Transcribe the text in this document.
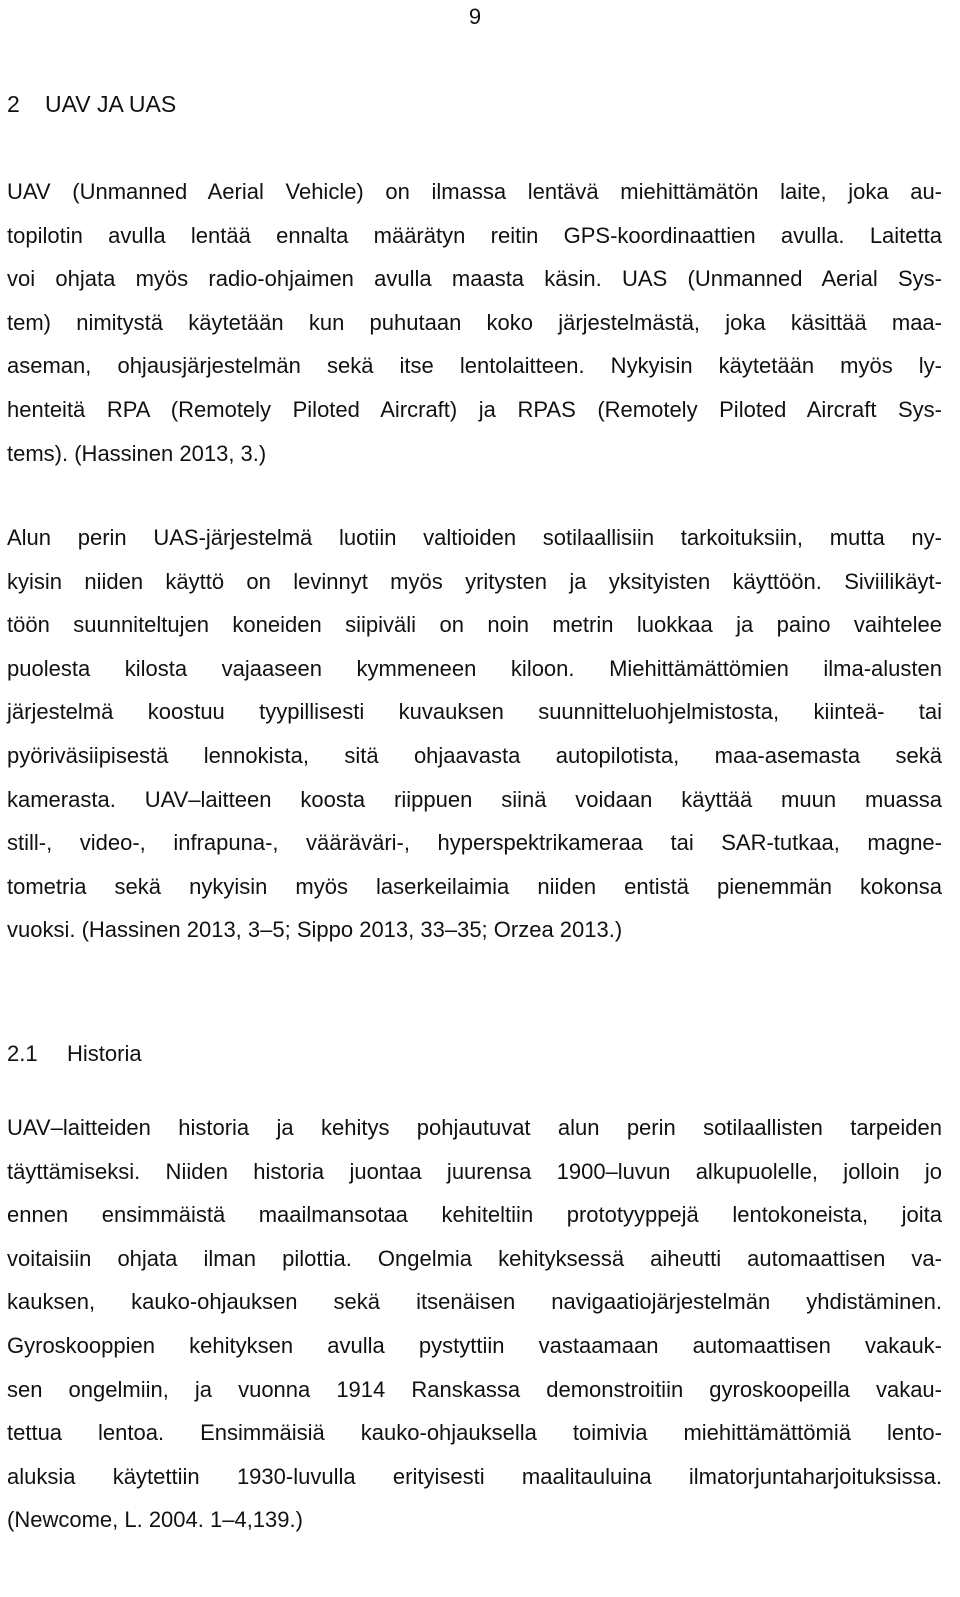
9
2 UAV JA UAS
UAV (Unmanned Aerial Vehicle) on ilmassa lentävä miehittämätön laite, joka au-
topilotin avulla lentää ennalta määrätyn reitin GPS-koordinaattien avulla. Laitetta
voi ohjata myös radio-ohjaimen avulla maasta käsin. UAS (Unmanned Aerial Sys-
tem) nimitystä käytetään kun puhutaan koko järjestelmästä, joka käsittää maa-
aseman, ohjausjärjestelmän sekä itse lentolaitteen. Nykyisin käytetään myös ly-
henteitä RPA (Remotely Piloted Aircraft) ja RPAS (Remotely Piloted Aircraft Sys-
tems). (Hassinen 2013, 3.)
Alun perin UAS-järjestelmä luotiin valtioiden sotilaallisiin tarkoituksiin, mutta ny-
kyisin niiden käyttö on levinnyt myös yritysten ja yksityisten käyttöön. Siviilikäyt-
töön suunniteltujen koneiden siipiväli on noin metrin luokkaa ja paino vaihtelee
puolesta kilosta vajaaseen kymmeneen kiloon. Miehittämättömien ilma-alusten
järjestelmä koostuu tyypillisesti kuvauksen suunnitteluohjelmistosta, kiinteä- tai
pyöriväsiipisestä lennokista, sitä ohjaavasta autopilotista, maa-asemasta sekä
kamerasta. UAV–laitteen koosta riippuen siinä voidaan käyttää muun muassa
still-, video-, infrapuna-, vääräväri-, hyperspektrikameraa tai SAR-tutkaa, magne-
tometria sekä nykyisin myös laserkeilaimia niiden entistä pienemmän kokonsa
vuoksi. (Hassinen 2013, 3–5; Sippo 2013, 33–35; Orzea 2013.)
2.1 Historia
UAV–laitteiden historia ja kehitys pohjautuvat alun perin sotilaallisten tarpeiden
täyttämiseksi. Niiden historia juontaa juurensa 1900–luvun alkupuolelle, jolloin jo
ennen ensimmäistä maailmansotaa kehiteltiin prototyyppejä lentokoneista, joita
voitaisiin ohjata ilman pilottia. Ongelmia kehityksessä aiheutti automaattisen va-
kauksen, kauko-ohjauksen sekä itsenäisen navigaatiojärjestelmän yhdistäminen.
Gyroskooppien kehityksen avulla pystyttiin vastaamaan automaattisen vakauk-
sen ongelmiin, ja vuonna 1914 Ranskassa demonstroitiin gyroskoopeilla vakau-
tettua lentoa. Ensimmäisiä kauko-ohjauksella toimivia miehittämättömiä lento-
aluksia käytettiin 1930-luvulla erityisesti maalitauluina ilmatorjuntaharjoituksissa.
(Newcome, L. 2004. 1–4,139.)
